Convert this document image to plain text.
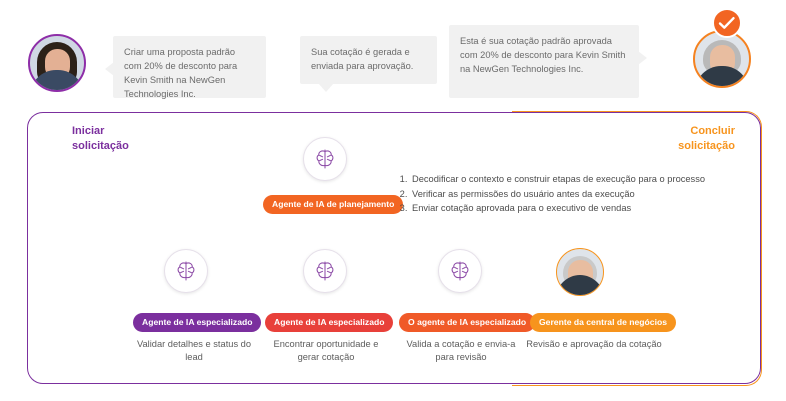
Criar uma proposta padrão com 20% de desconto para Kevin Smith na NewGen Technologies Inc.
Sua cotação é gerada e enviada para aprovação.
Esta é sua cotação padrão aprovada com 20% de desconto para Kevin Smith na NewGen Technologies Inc.
Iniciar
solicitação
Concluir
solicitação
Agente de IA de planejamento
Agente de IA especializado	Agente de IA especializado	O agente de IA especializado	Gerente da central de negócios
Validar detalhes e status do lead
Encontrar oportunidade e gerar cotação
Valida a cotação e envia-a para revisão
Revisão e aprovação da cotação
1. Decodificar o contexto e construir etapas de execução para o processo
2. Verificar as permissões do usuário antes da execução
3. Enviar cotação aprovada para o executivo de vendas
